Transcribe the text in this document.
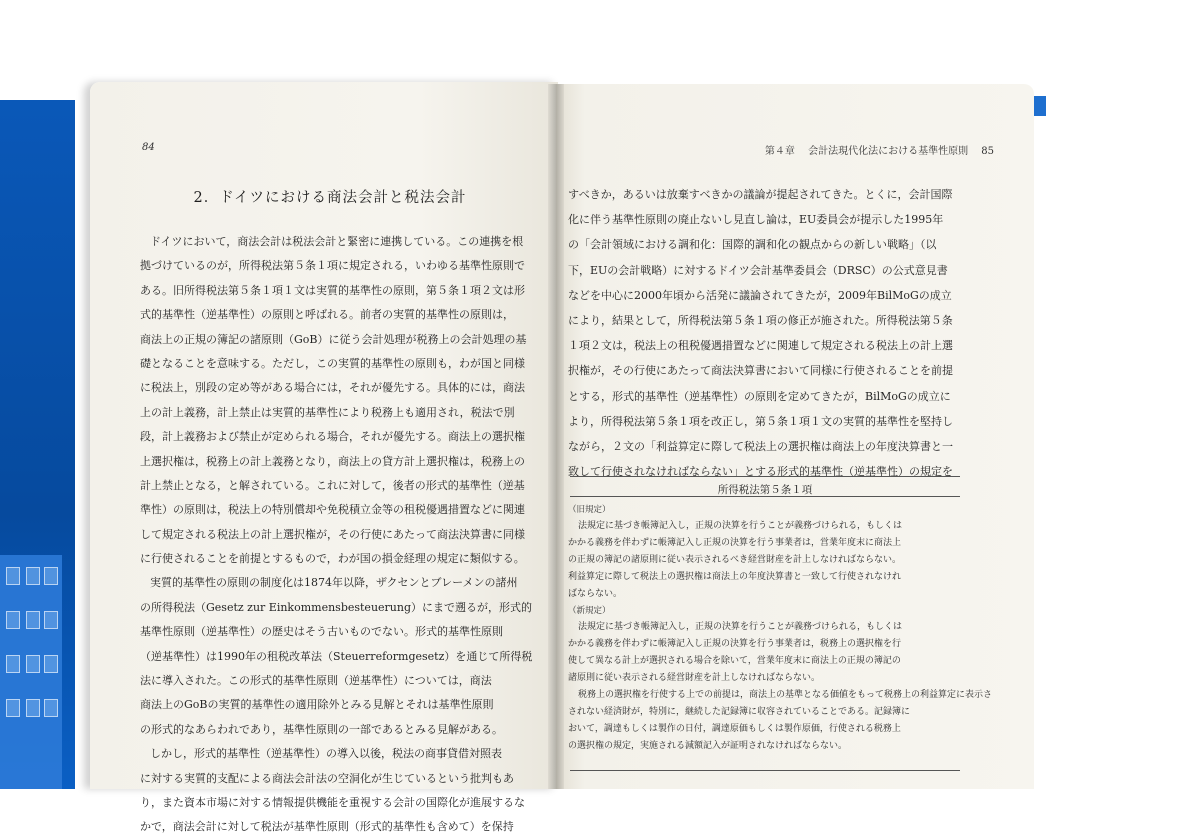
84
2．ドイツにおける商法会計と税法会計
ドイツにおいて，商法会計は税法会計と緊密に連携している。この連携を根
拠づけているのが，所得税法第５条１項に規定される，いわゆる基準性原則で
ある。旧所得税法第５条１項１文は実質的基準性の原則，第５条１項２文は形
式的基準性（逆基準性）の原則と呼ばれる。前者の実質的基準性の原則は，
商法上の正規の簿記の諸原則（GoB）に従う会計処理が税務上の会計処理の基
礎となることを意味する。ただし，この実質的基準性の原則も，わが国と同様
に税法上，別段の定め等がある場合には，それが優先する。具体的には，商法
上の計上義務，計上禁止は実質的基準性により税務上も適用され，税法で別
段，計上義務および禁止が定められる場合，それが優先する。商法上の選択権
上選択権は，税務上の計上義務となり，商法上の貸方計上選択権は，税務上の
計上禁止となる，と解されている。これに対して，後者の形式的基準性（逆基
準性）の原則は，税法上の特別償却や免税積立金等の租税優遇措置などに関連
して規定される税法上の計上選択権が，その行使にあたって商法決算書に同様
に行使されることを前提とするもので，わが国の損金経理の規定に類似する。
実質的基準性の原則の制度化は1874年以降，ザクセンとブレーメンの諸州
の所得税法（Gesetz zur Einkommensbesteuerung）にまで遡るが，形式的
基準性原則（逆基準性）の歴史はそう古いものでない。形式的基準性原則
（逆基準性）は1990年の租税改革法（Steuerreformgesetz）を通じて所得税
法に導入された。この形式的基準性原則（逆基準性）については，商法
商法上のGoBの実質的基準性の適用除外とみる見解とそれは基準性原則
の形式的なあらわれであり，基準性原則の一部であるとみる見解がある。
しかし，形式的基準性（逆基準性）の導入以後，税法の商事貸借対照表
に対する実質的支配による商法会計法の空洞化が生じているという批判もあ
り，また資本市場に対する情報提供機能を重視する会計の国際化が進展するな
かで，商法会計に対して税法が基準性原則（形式的基準性も含めて）を保持
第４章 会計法現代化法における基準性原則 85
すべきか，あるいは放棄すべきかの議論が提起されてきた。とくに，会計国際
化に伴う基準性原則の廃止ないし見直し論は，EU委員会が提示した1995年
の「会計領域における調和化：国際的調和化の観点からの新しい戦略」（以
下，EUの会計戦略）に対するドイツ会計基準委員会（DRSC）の公式意見書
などを中心に2000年頃から活発に議論されてきたが，2009年BilMoGの成立
により，結果として，所得税法第５条１項の修正が施された。所得税法第５条
１項２文は，税法上の租税優遇措置などに関連して規定される税法上の計上選
択権が，その行使にあたって商法決算書において同様に行使されることを前提
とする，形式的基準性（逆基準性）の原則を定めてきたが，BilMoGの成立に
より，所得税法第５条１項を改正し，第５条１項１文の実質的基準性を堅持し
ながら，２文の「利益算定に際して税法上の選択権は商法上の年度決算書と一
致して行使されなければならない」とする形式的基準性（逆基準性）の規定を
所得税法第５条１項
（旧規定）
法規定に基づき帳簿記入し，正規の決算を行うことが義務づけられる，もしくは
かかる義務を伴わずに帳簿記入し正規の決算を行う事業者は，営業年度末に商法上
の正規の簿記の諸原則に従い表示されるべき経営財産を計上しなければならない。
利益算定に際して税法上の選択権は商法上の年度決算書と一致して行使されなけれ
ばならない。
（新規定）
法規定に基づき帳簿記入し，正規の決算を行うことが義務づけられる，もしくは
かかる義務を伴わずに帳簿記入し正規の決算を行う事業者は，税務上の選択権を行
使して異なる計上が選択される場合を除いて，営業年度末に商法上の正規の簿記の
諸原則に従い表示される経営財産を計上しなければならない。
税務上の選択権を行使する上での前提は，商法上の基準となる価値をもって税務上の利益算定に表示さ
されない経済財が，特別に，継続した記録簿に収容されていることである。記録簿に
おいて，調達もしくは製作の日付，調達原価もしくは製作原価，行使される税務上
の選択権の規定，実施される減額記入が証明されなければならない。
